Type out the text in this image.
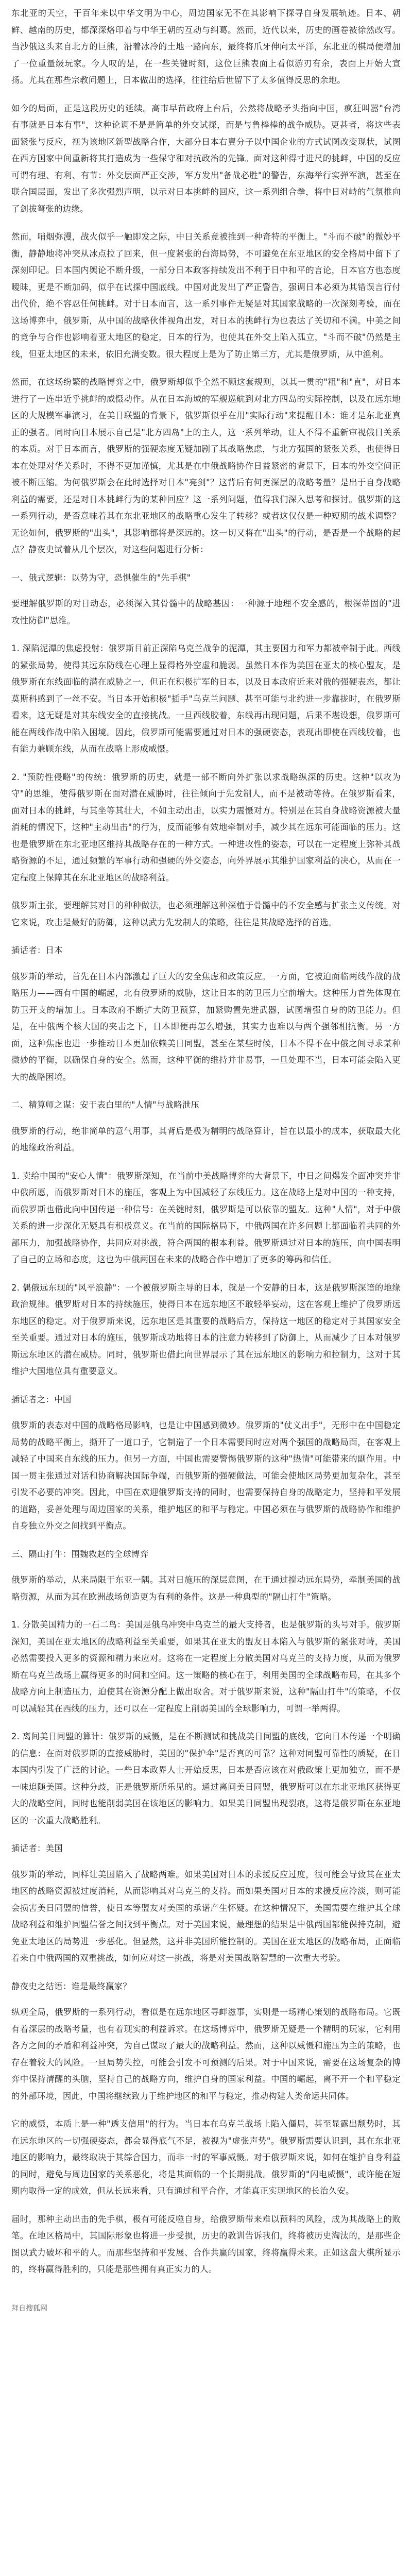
东北亚的天空，干百年来以中华文明为中心，周边国家无不在其影响下探寻自身发展轨迹。日本、朝鲜、越南的历史，都深深烙印着与中华王朝的互动与纠葛。然而，近代以来，历史的画卷被徐然改写。当沙俄这头来自北方的巨熊，沿着冰冷的土地一路向东，最终将爪牙伸向太平洋，东北亚的棋局便增加了一位重量级玩家。今人叹的是，在一些关键时刻，这位巨熊表面上看似游刃有余，表面上开始大宣扬。尤其在那些宗教问题上，日本做出的选择，往往给后世留下了太多值得反思的余地。

如今的局面，正是这段历史的延续。高市早苗政府上台后，公然将战略矛头指向中国，疯狂叫嚣"台湾有事就是日本有事"，这种论调不是是简单的外交试探，而是与鲁棒棒的战争威胁。更甚者，将这些表面紧张与反应，视为该地区新型战略合作，大部分日本右翼分子以中国企业的方式试图改变现状，试图在西方国家中间重新将其打造成为一些保守和对抗政治的先锋。面对这种得寸进尺的挑衅，中国的反应可谓有理、有利、有节：外交层面严正交涉，军方发出"备战必胜"的警告，东海举行实弹军演，甚至在联合国层面，发出了多次强烈声明，以示对日本挑衅的回应，这一系列组合拳，将中日对峙的气氛推向了剑拔弩张的边缘。

然而，哨烟弥漫，战火似乎一触即发之际，中日关系竟被推到一种奇特的平衡上。"斗而不破"的微妙平衡，静静地将冲突从冰点拉了回来，但一度紧张的台海局势，不可避免在东亚地区的安全格局中留下了深刻印记。日本国内舆论不断升级，一部分日本政客持续发出不利于日中和平的言论，日本官方也态度暧昧，更是不断加码，似乎在试探中国底线。中国对此发出了严正警告，强调日本必须为其错误言行付出代价，绝不容忍任何挑衅。对于日本而言，这一系列事件无疑是对其国家战略的一次深刻考验，而在这场博弈中，俄罗斯，从中国的战略伙伴视角出发，对日本的挑衅行为也表达了关切和不满。中美之间的竞争与合作也影响着亚太地区的稳定，日本的行为，也使其在外交上陷入孤立，"斗而不破"仍然是主线，但亚太地区的未来，依旧充满变数。很大程度上是为了防止第三方，尤其是俄罗斯，从中渔利。

然而，在这场纷繁的战略博弈之中，俄罗斯却似乎全然不顾这套规则，以其一贯的"粗"和"直"，对日本进行了一连串近乎挑衅的威慑动作。从在日本海域的军舰巡航到对北方四岛的实际控制，以及在远东地区的大规模军事演习，在美日联盟的背景下，俄罗斯似乎在用"实际行动"来提醒日本：谁才是东北亚真正的强者。同时向日本展示自己是"北方四岛"上的主人，这一系列举动，让人不得不重新审视俄日关系的本质。对于日本而言，俄罗斯的强硬态度无疑加剧了其战略焦虑，与北方强国的紧张关系，也使得日本在处理对华关系时，不得不更加谨慎，尤其是在中俄战略协作日益紧密的背景下，日本的外交空间正被不断压缩。为何俄罗斯会在此时选择对日本"亮剑"？这背后有何更深层的战略考量？是出于自身战略利益的需要，还是对日本挑衅行为的某种回应？这一系列问题，值得我们深入思考和探讨。俄罗斯的这一系列行动，是否意味着其在东北亚地区的战略重心发生了转移？或者这仅仅是一种短期的战术调整？无论如何，俄罗斯的"出头"，其影响都将是深远的。这一切又将在"出头"的行动，是否是一个战略的起点？静夜史试着从几个层次，对这些问题进行分析：

一、俄式逻辑：以势为守，恐惧催生的"先手棋"

要理解俄罗斯的对日动态，必须深入其骨髓中的战略基因：一种源于地理不安全感的，根深蒂固的"进攻性防御"思维。

1. 深陷泥潭的焦虑投射：俄罗斯目前正深陷乌克兰战争的泥潭，其主要国力和军力都被牵制于此。西线的紧张局势，使得其远东防线在心理上显得格外空虚和脆弱。虽然日本作为美国在亚太的核心盟友，是俄罗斯在东线面临的潜在威胁之一，但正在积极扩军的日本，以及日本政府近来对俄的强硬表态，都让莫斯科感到了一丝不安。当日本开始积极"插手"乌克兰问题、甚至可能与北约进一步靠拢时，在俄罗斯看来，这无疑是对其东线安全的直接挑战。一旦西线胶着，东线再出现问题，后果不堪设想，俄罗斯可能在两线作战中陷入困境。因此，俄罗斯可能需要通过对日本的强硬姿态，表现出即使在西线胶着，也有能力兼顾东线，从而在战略上形成威慑。

2. "预防性侵略"的传统：俄罗斯的历史，就是一部不断向外扩张以求战略纵深的历史。这种"以攻为守"的思维，使得俄罗斯在面对潜在威胁时，往往倾向于先发制人，而不是被动等待。在俄罗斯看来，面对日本的挑衅，与其坐等其壮大，不如主动出击，以实力震慑对方。特别是在其自身战略资源被大量消耗的情况下，这种"主动出击"的行为，反而能够有效地牵制对手，减少其在远东可能面临的压力。这也是俄罗斯在东北亚地区维持其战略存在的一种方式。一种进攻性的姿态，可以在一定程度上弥补其战略资源的不足，通过频繁的军事行动和强硬的外交姿态，向外界展示其维护国家利益的决心，从而在一定程度上保障其在东北亚地区的战略利益。

俄罗斯主张，要理解其对日的种种做法，也必须理解这种深植于骨髓中的不安全感与扩张主义传统。对它来说，攻击是最好的防御，这种以武力先发制人的策略，往往是其战略选择的首选。

插话者：日本

俄罗斯的举动，首先在日本内部激起了巨大的安全焦虑和政策反应。一方面，它被迫面临两线作战的战略压力——西有中国的崛起，北有俄罗斯的威胁，这让日本的防卫压力空前增大。这种压力首先体现在防卫开支的增加上。日本政府不断扩大防卫预算，加紧购置先进武器，试图增强自身的防卫能力。但是，在中俄两个核大国的夹击之下，日本即便再怎么增强，其实力也难以与两个强邻相抗衡。另一方面，这种焦虑也进一步推动日本更加依赖美日同盟，甚至在某些时候，日本不得不在中俄之间寻求某种微妙的平衡，以确保自身的安全。然而，这种平衡的维持并非易事，一旦处理不当，日本可能会陷入更大的战略困境。

二、精算师之谋：安于表白里的"人情"与战略泄压

俄罗斯的行动，绝非简单的意气用事，其背后是极为精明的战略算计，旨在以最小的成本，获取最大化的地缘政治利益。

1. 卖给中国的"安心人情"：俄罗斯深知，在当前中美战略博弈的大背景下，中日之间爆发全面冲突并非中俄所愿，而俄罗斯对日本的施压，客观上为中国减轻了东线压力。这在战略上是对中国的一种支持，而俄罗斯也借此向中国传递一种信号：在关键时刻，俄罗斯是可以依靠的盟友。这种"人情"，对于中俄关系的进一步深化无疑具有积极意义。在当前的国际格局下，中俄两国在许多问题上都面临着共同的外部压力，加强战略协作，共同应对挑战，符合两国的根本利益。俄罗斯通过对日本的施压，向中国表明了自己的立场和态度，这也为中俄两国在未来的战略合作中增加了更多的筹码和信任。

2. 偶俄远东现的"风平浪静"：一个被俄罗斯主导的日本，就是一个安静的日本，这是俄罗斯深谙的地缘政治规律。俄罗斯对日本的持续施压，使得日本在远东地区不敢轻举妄动，这在客观上维护了俄罗斯远东地区的稳定。对于俄罗斯来说，远东地区是其重要的战略后方，保持这一地区的稳定对于其国家安全至关重要。通过对日本的施压，俄罗斯成功地将日本的注意力转移到了防御上，从而减少了日本对俄罗斯远东地区的潜在威胁。同时，俄罗斯也借此向世界展示了其在远东地区的影响力和控制力，这对于其维护大国地位具有重要意义。

插话者之：中国

俄罗斯的表态对中国的战略格局影响，也是让中国感到微妙。俄罗斯的"仗义出手"，无形中在中国稳定局势的战略平衡上，撕开了一道口子，它制造了一个日本需要同时应对两个强国的战略局面，在客观上减轻了中国来自东线的压力。但另一方面，中国也需要警惕俄罗斯的这种"热情"可能带来的副作用。中国一贯主张通过对话和协商解决国际争端，而俄罗斯的强硬做法，可能会使地区局势更加复杂化，甚至引发不必要的冲突。因此，中国在欢迎俄罗斯支持的同时，也需要保持自身的战略定力，坚持和平发展的道路，妥善处理与周边国家的关系，维护地区的和平与稳定。中国必须在与俄罗斯的战略协作和维护自身独立外交之间找到平衡点。

三、隔山打牛：围魏救赵的全球博弈

俄罗斯的举动，从来局限于东亚一隅。其对日施压的深层意图，在于通过搅动远东局势，牵制美国的战略资源，从而为其在欧洲战场创造更为有利的条件。这是一种典型的"隔山打牛"策略。

1. 分散美国精力的一石二鸟：美国是俄乌冲突中乌克兰的最大支持者，也是俄罗斯的头号对手。俄罗斯深知，美国在亚太地区的战略利益至关重要，如果其在亚太的盟友日本陷入与俄罗斯的紧张对峙，美国必然需要投入更多的资源和精力来应对。这将在一定程度上分散美国对乌克兰的支持力度，从而为俄罗斯在乌克兰战场上赢得更多的时间和空间。这一策略的核心在于，利用美国的全球战略布局，在其多个战略方向上制造压力，迫使其在资源分配上做出取舍。对于俄罗斯来说，这种"隔山打牛"的策略，不仅可以减轻其在西线的压力，还可以在一定程度上削弱美国的全球影响力，可谓一举两得。

2. 离间美日同盟的算计：俄罗斯的威慑，是在不断测试和挑战美日同盟的底线，它向日本传递一个明确的信息：在面对俄罗斯的直接威胁时，美国的"保护伞"是否真的可靠？这种对同盟可靠性的质疑，在日本国内引发了广泛的讨论。一些日本政界人士开始反思，日本是否应该在对俄政策上更加独立，而不是一味追随美国。这种分歧，正是俄罗斯所乐见的。通过离间美日同盟，俄罗斯可以在东北亚地区获得更大的战略空间，同时也能削弱美国在该地区的影响力。如果美日同盟出现裂痕，这将是俄罗斯在东亚地区的一次重大战略胜利。

插话者：美国

俄罗斯的举动，同样让美国陷入了战略两难。如果美国对日本的求援反应过度，很可能会导致其在亚太地区的战略资源被过度消耗，从而影响其对乌克兰的支持。而如果美国对日本的求援反应冷淡，则可能会损害美日同盟的信誉，使日本等盟友对美国的承诺产生怀疑。在这种情况下，美国需要在维护其全球战略利益和维护同盟信誉之间找到平衡点。对于美国来说，最理想的结果是中俄两国都能保持克制，避免亚太地区的局势进一步恶化。但显然，这并非美国所能控制的。美国在亚太地区的战略布局，正面临着来自中俄两国的双重挑战，如何应对这一挑战，将是对美国战略智慧的一次重大考验。

静夜史之结语：谁是最终赢家？

纵观全局，俄罗斯的一系列行动，看似是在远东地区寻衅滋事，实则是一场精心策划的战略布局。它既有着深层的战略考量，也有着现实的利益诉求。在这场博弈中，俄罗斯无疑是一个精明的玩家，它利用各方之间的矛盾和利益冲突，为自己谋取了最大的战略利益。然而，这种以威慑和施压为主的策略，也存在着较大的风险。一旦局势失控，可能会引发不可预测的后果。对于中国来说，需要在这场复杂的博弈中保持清醒的头脑，坚持自己的战略方向，维护自身的国家利益。中国的崛起，离不开一个和平稳定的外部环境，因此，中国将继续致力于维护地区的和平与稳定，推动构建人类命运共同体。

它的威慑，本质上是一种"透支信用"的行为。当日本在乌克兰战场上陷入僵局，甚至显露出颓势时，其在远东地区的一切强硬姿态，都会显得底气不足，被视为"虚张声势"。俄罗斯需要认识到，其在东北亚地区的影响力，最终取决于其综合国力，而非一时的军事威慑。对于俄罗斯来说，如何在维护自身利益的同时，避免与周边国家的关系恶化，将是其面临的一个长期挑战。俄罗斯的"闪电威慑"，或许能在短期内取得一定的成效，但从长远来看，只有通过和平合作，才能真正实现地区的长治久安。

届时，那种主动出击的先手棋，极有可能反噬自身，给俄罗斯带来难以预料的风险，成为其战略上的败笔。在地区格局中，其国际形象也将进一步受损，历史的教训告诉我们，终将被历史淘汰的，是那些企图以武力破坏和平的人。而那些坚持和平发展、合作共赢的国家，终将赢得未来。正如这盘大棋所显示的，终将赢得胜利的，只能是那些拥有真正实力的人。

拜自搜狐网
